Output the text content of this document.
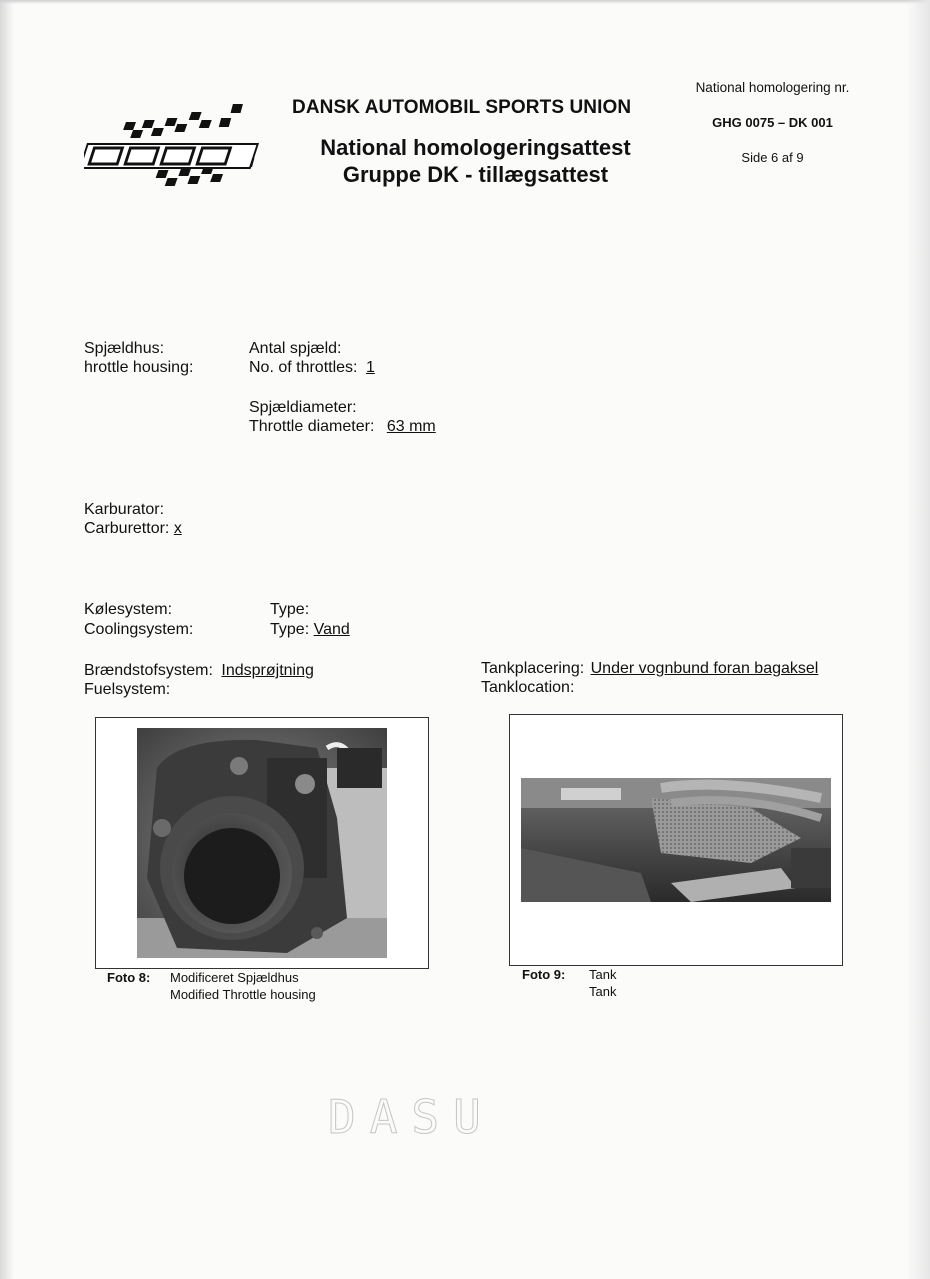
DANSK AUTOMOBIL SPORTS UNION
National homologeringsattest
Gruppe DK - tillægsattest
National homologering nr.
GHG 0075 – DK 001
Side 6 af 9
Spjældhus:
hrottle housing:
Antal spjæld:
No. of throttles: 1
Spjældiameter:
Throttle diameter: 63 mm
Karburator:
Carburettor: x
Kølesystem:
Coolingsystem:
Type:
Type: Vand
Brændstofsystem: Indsprøjtning
Fuelsystem:
Tankplacering: Under vognbund foran bagaksel
Tanklocation:
Foto 8: Modificeret Spjældhus
Modified Throttle housing
Foto 9: Tank
Tank
DASU
